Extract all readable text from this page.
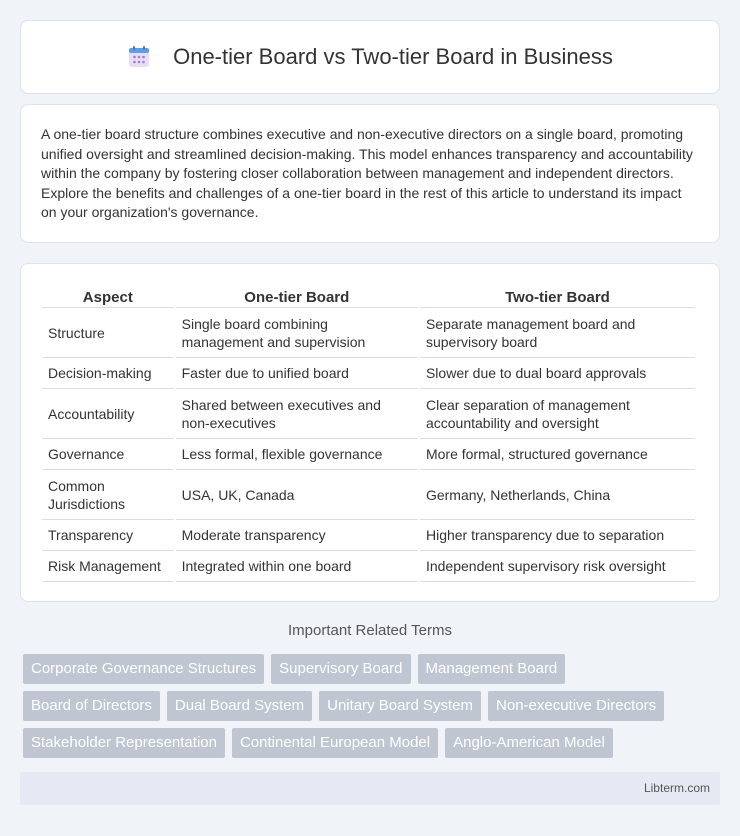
One-tier Board vs Two-tier Board in Business

A one-tier board structure combines executive and non-executive directors on a single board, promoting unified oversight and streamlined decision-making. This model enhances transparency and accountability within the company by fostering closer collaboration between management and independent directors. Explore the benefits and challenges of a one-tier board in the rest of this article to understand its impact on your organization's governance.

Aspect	One-tier Board	Two-tier Board
Structure	Single board combining management and supervision	Separate management board and supervisory board
Decision-making	Faster due to unified board	Slower due to dual board approvals
Accountability	Shared between executives and non-executives	Clear separation of management accountability and oversight
Governance	Less formal, flexible governance	More formal, structured governance
Common Jurisdictions	USA, UK, Canada	Germany, Netherlands, China
Transparency	Moderate transparency	Higher transparency due to separation
Risk Management	Integrated within one board	Independent supervisory risk oversight
Important Related Terms
Corporate Governance Structures	Supervisory Board	Management Board
Board of Directors	Dual Board System	Unitary Board System	Non-executive Directors
Stakeholder Representation	Continental European Model	Anglo-American Model
Libterm.com
